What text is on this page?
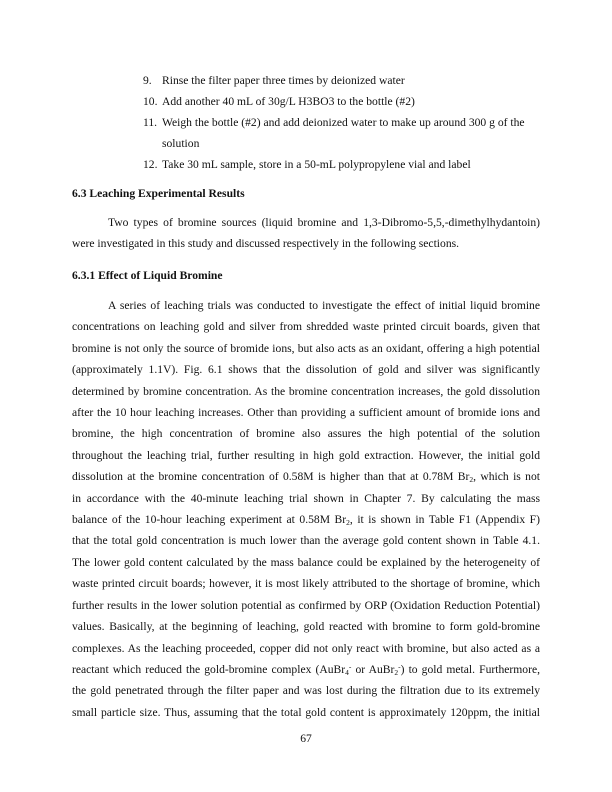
9. Rinse the filter paper three times by deionized water
10. Add another 40 mL of 30g/L H3BO3 to the bottle (#2)
11. Weigh the bottle (#2) and add deionized water to make up around 300 g of the
solution
12. Take 30 mL sample, store in a 50-mL polypropylene vial and label
6.3 Leaching Experimental Results
Two types of bromine sources (liquid bromine and 1,3-Dibromo-5,5,-dimethylhydantoin)
were investigated in this study and discussed respectively in the following sections.
6.3.1 Effect of Liquid Bromine
A series of leaching trials was conducted to investigate the effect of initial liquid bromine
concentrations on leaching gold and silver from shredded waste printed circuit boards, given that
bromine is not only the source of bromide ions, but also acts as an oxidant, offering a high potential
(approximately 1.1V). Fig. 6.1 shows that the dissolution of gold and silver was significantly
determined by bromine concentration. As the bromine concentration increases, the gold dissolution
after the 10 hour leaching increases. Other than providing a sufficient amount of bromide ions and
bromine, the high concentration of bromine also assures the high potential of the solution
throughout the leaching trial, further resulting in high gold extraction. However, the initial gold
dissolution at the bromine concentration of 0.58M is higher than that at 0.78M $Br_2$, which is not
in accordance with the 40-minute leaching trial shown in Chapter 7. By calculating the mass
balance of the 10-hour leaching experiment at 0.58M $Br_2$, it is shown in Table F1 (Appendix F)
that the total gold concentration is much lower than the average gold content shown in Table 4.1.
The lower gold content calculated by the mass balance could be explained by the heterogeneity of
waste printed circuit boards; however, it is most likely attributed to the shortage of bromine, which
further results in the lower solution potential as confirmed by ORP (Oxidation Reduction Potential)
values. Basically, at the beginning of leaching, gold reacted with bromine to form gold-bromine
complexes. As the leaching proceeded, copper did not only react with bromine, but also acted as a
reactant which reduced the gold-bromine complex (AuBr$_4$- or AuBr$_2$-) to gold metal. Furthermore,
the gold penetrated through the filter paper and was lost during the filtration due to its extremely
small particle size. Thus, assuming that the total gold content is approximately 120ppm, the initial
67
